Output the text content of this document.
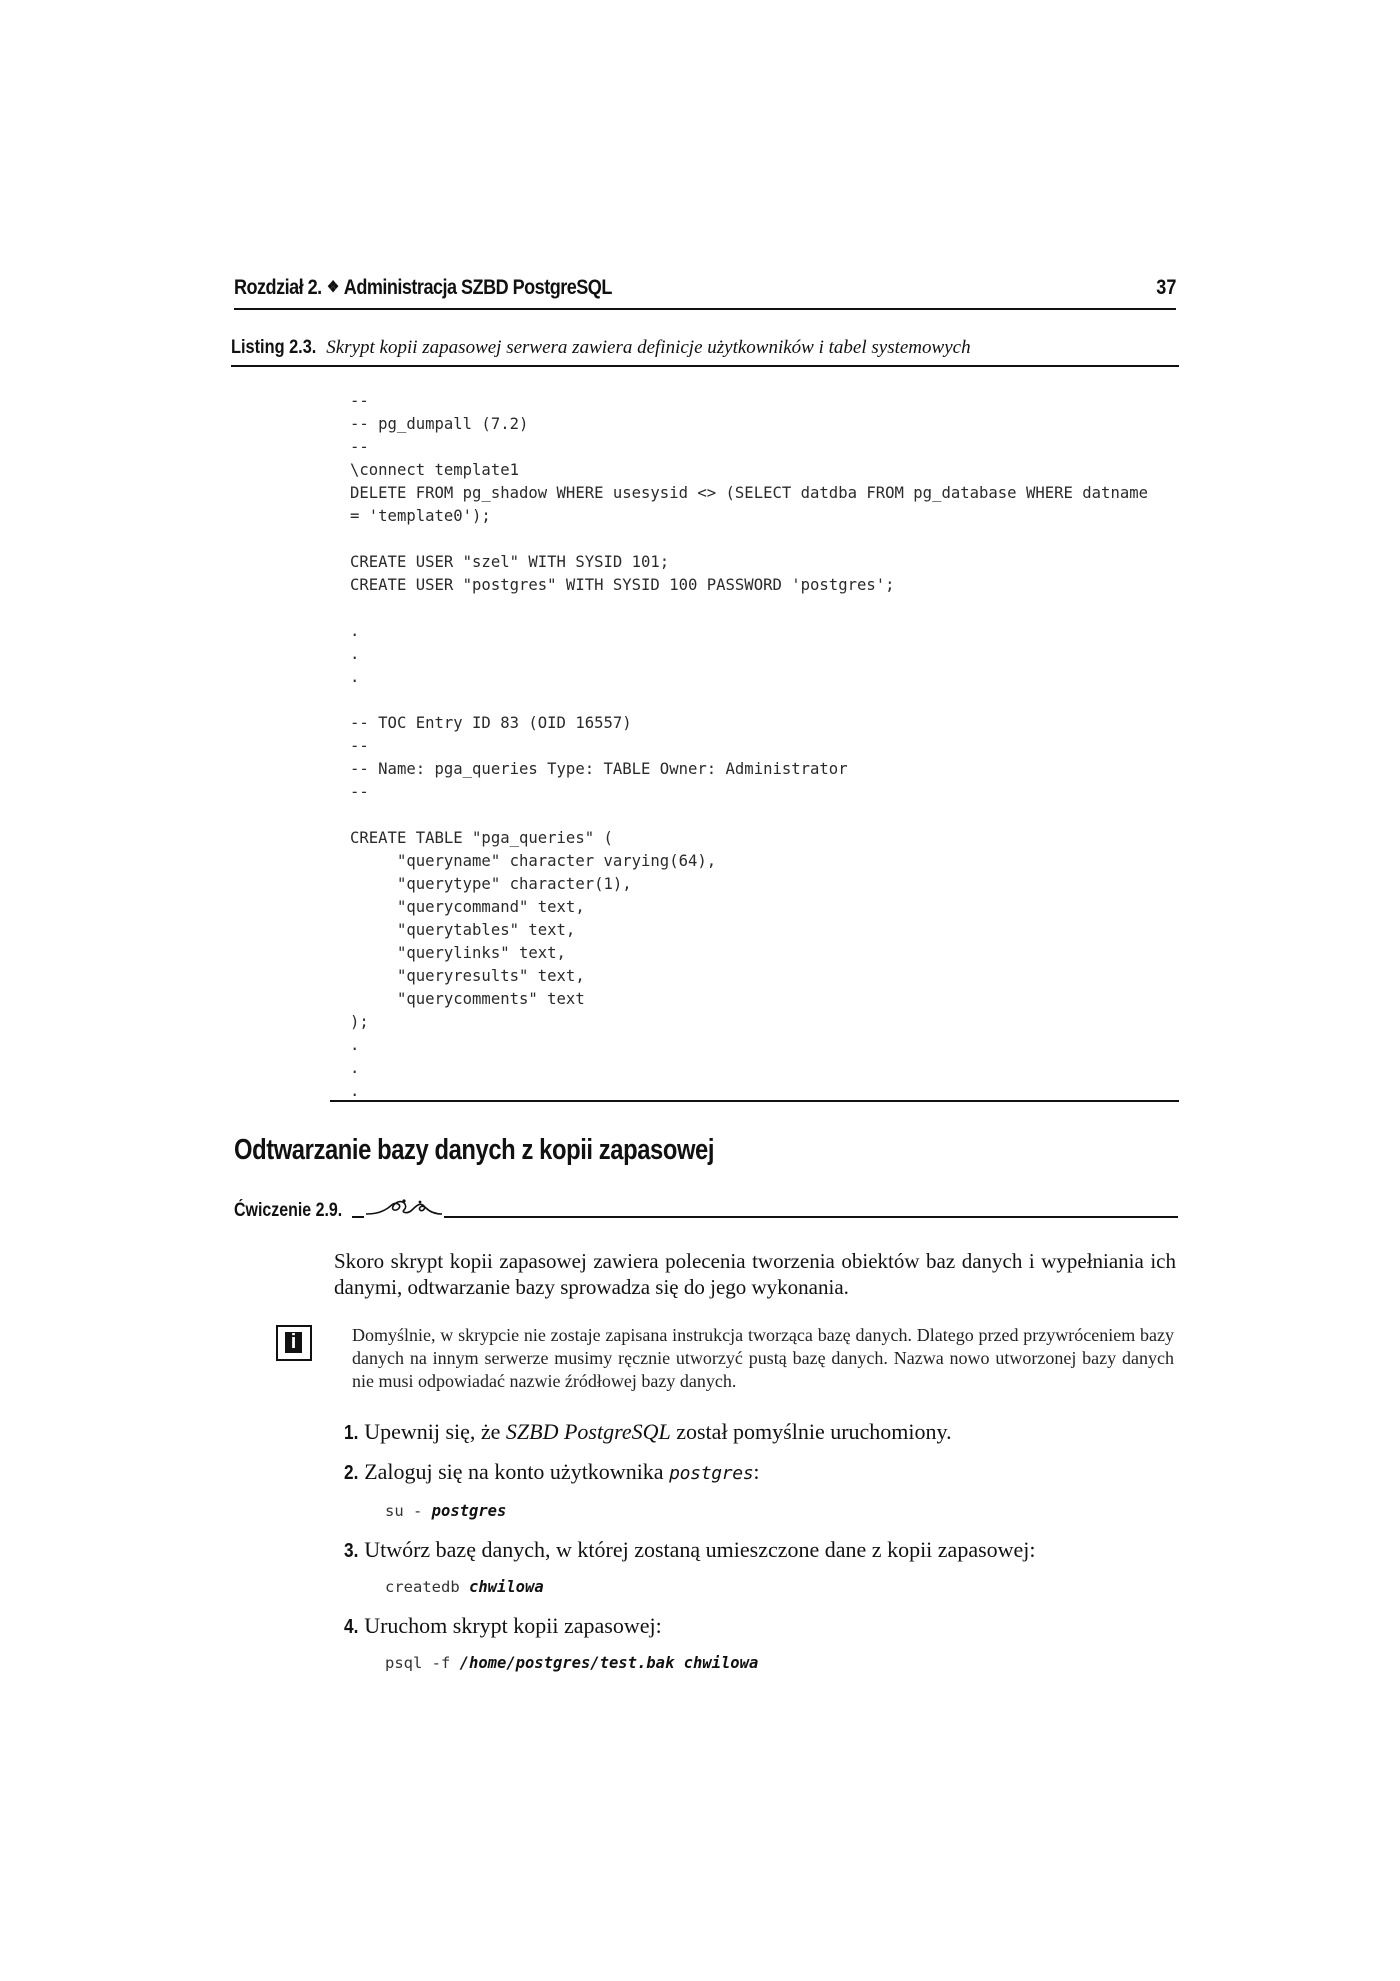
Rozdział 2. ❖ Administracja SZBD PostgreSQL	37
Listing 2.3. Skrypt kopii zapasowej serwera zawiera definicje użytkowników i tabel systemowych
--
-- pg_dumpall (7.2)
--
\connect template1
DELETE FROM pg_shadow WHERE usesysid <> (SELECT datdba FROM pg_database WHERE datname
= 'template0');

CREATE USER "szel" WITH SYSID 101;
CREATE USER "postgres" WITH SYSID 100 PASSWORD 'postgres';

.
.
.

-- TOC Entry ID 83 (OID 16557)
--
-- Name: pga_queries Type: TABLE Owner: Administrator
--

CREATE TABLE "pga_queries" (
"queryname" character varying(64),
"querytype" character(1),
"querycommand" text,
"querytables" text,
"querylinks" text,
"queryresults" text,
"querycomments" text
);
.
.
.
Odtwarzanie bazy danych z kopii zapasowej
Ćwiczenie 2.9.
Skoro skrypt kopii zapasowej zawiera polecenia tworzenia obiektów baz danych i wypełniania ich danymi, odtwarzanie bazy sprowadza się do jego wykonania.
i	Domyślnie, w skrypcie nie zostaje zapisana instrukcja tworząca bazę danych. Dlatego przed przywróceniem bazy danych na innym serwerze musimy ręcznie utworzyć pustą bazę danych. Nazwa nowo utworzonej bazy danych nie musi odpowiadać nazwie źródłowej bazy danych.
1. Upewnij się, że SZBD PostgreSQL został pomyślnie uruchomiony.
2. Zaloguj się na konto użytkownika postgres:
su - postgres
3. Utwórz bazę danych, w której zostaną umieszczone dane z kopii zapasowej:
createdb chwilowa
4. Uruchom skrypt kopii zapasowej:
psql -f /home/postgres/test.bak chwilowa
